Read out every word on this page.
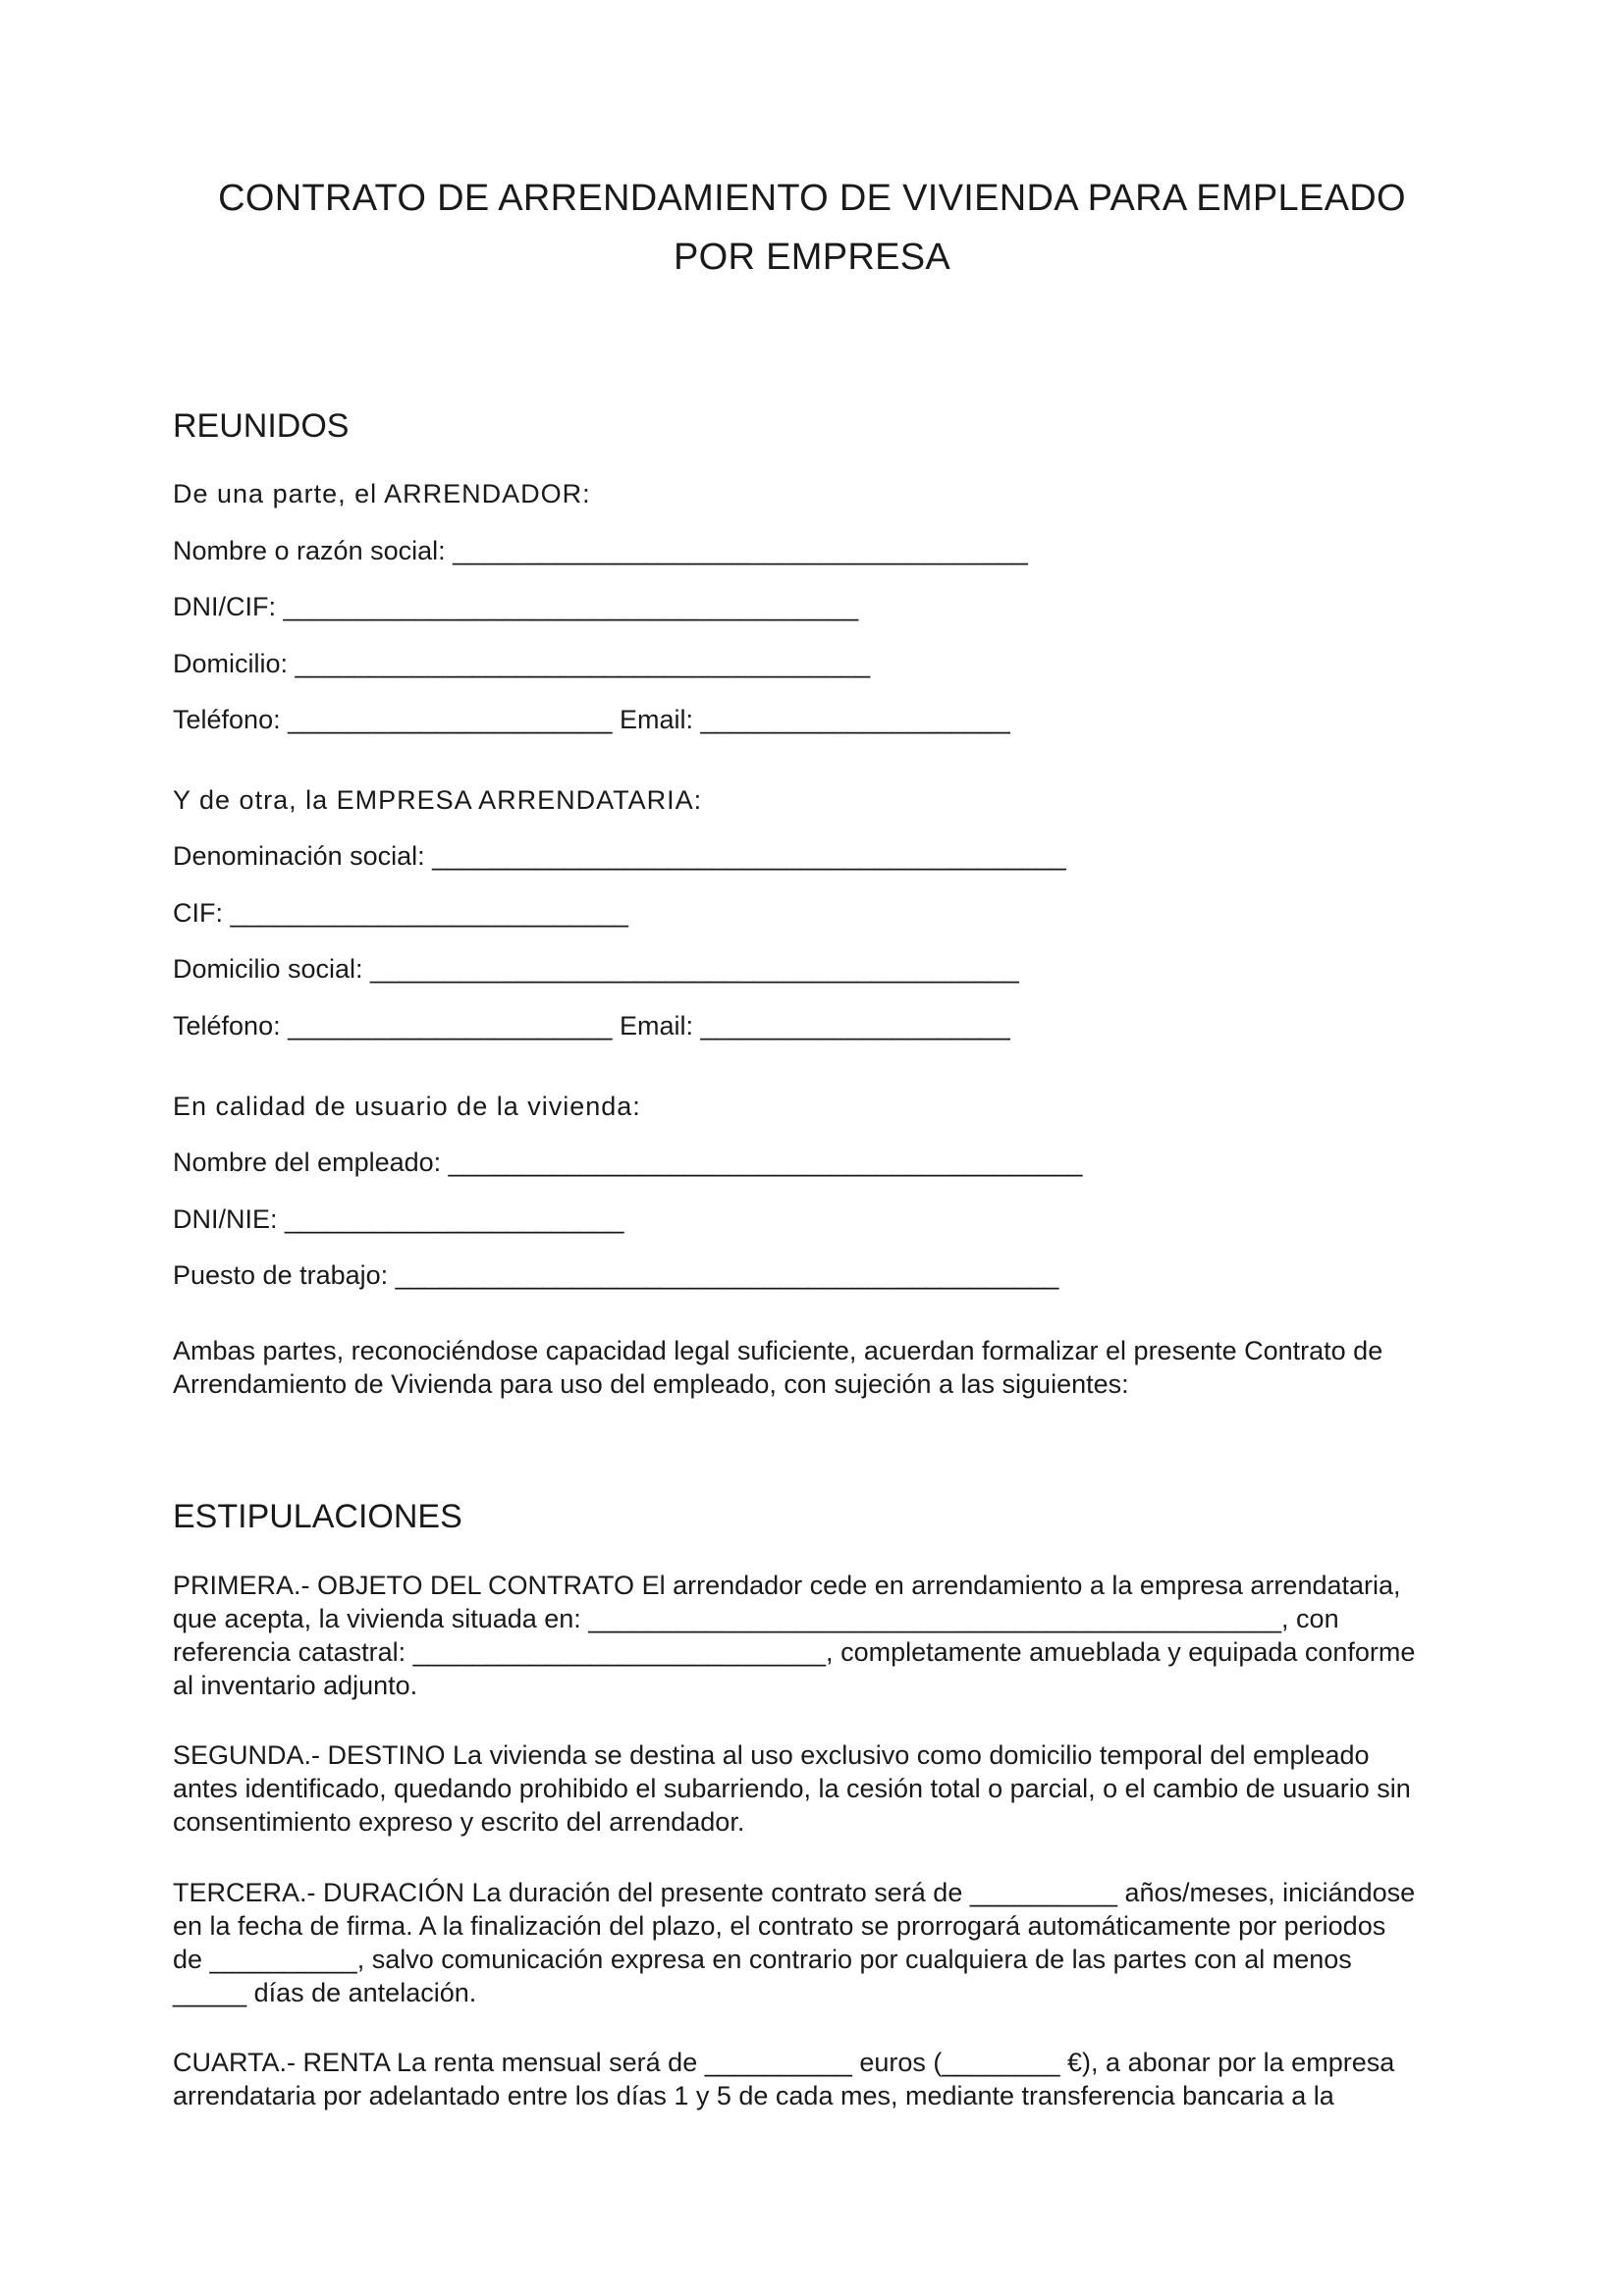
CONTRATO DE ARRENDAMIENTO DE VIVIENDA PARA EMPLEADO
POR EMPRESA
REUNIDOS
De una parte, el ARRENDADOR:
Nombre o razón social: _______________________________________
DNI/CIF: _______________________________________
Domicilio: _______________________________________
Teléfono: ______________________ Email: _____________________
Y de otra, la EMPRESA ARRENDATARIA:
Denominación social: ___________________________________________
CIF: ___________________________
Domicilio social: ____________________________________________
Teléfono: ______________________ Email: _____________________
En calidad de usuario de la vivienda:
Nombre del empleado: ___________________________________________
DNI/NIE: _______________________
Puesto de trabajo: _____________________________________________
Ambas partes, reconociéndose capacidad legal suficiente, acuerdan formalizar el presente Contrato de
Arrendamiento de Vivienda para uso del empleado, con sujeción a las siguientes:
ESTIPULACIONES
PRIMERA.- OBJETO DEL CONTRATO El arrendador cede en arrendamiento a la empresa arrendataria,
que acepta, la vivienda situada en: _______________________________________________, con
referencia catastral: ____________________________, completamente amueblada y equipada conforme
al inventario adjunto.
SEGUNDA.- DESTINO La vivienda se destina al uso exclusivo como domicilio temporal del empleado
antes identificado, quedando prohibido el subarriendo, la cesión total o parcial, o el cambio de usuario sin
consentimiento expreso y escrito del arrendador.
TERCERA.- DURACIÓN La duración del presente contrato será de __________ años/meses, iniciándose
en la fecha de firma. A la finalización del plazo, el contrato se prorrogará automáticamente por periodos
de __________, salvo comunicación expresa en contrario por cualquiera de las partes con al menos
_____ días de antelación.
CUARTA.- RENTA La renta mensual será de __________ euros (________ €), a abonar por la empresa
arrendataria por adelantado entre los días 1 y 5 de cada mes, mediante transferencia bancaria a la
